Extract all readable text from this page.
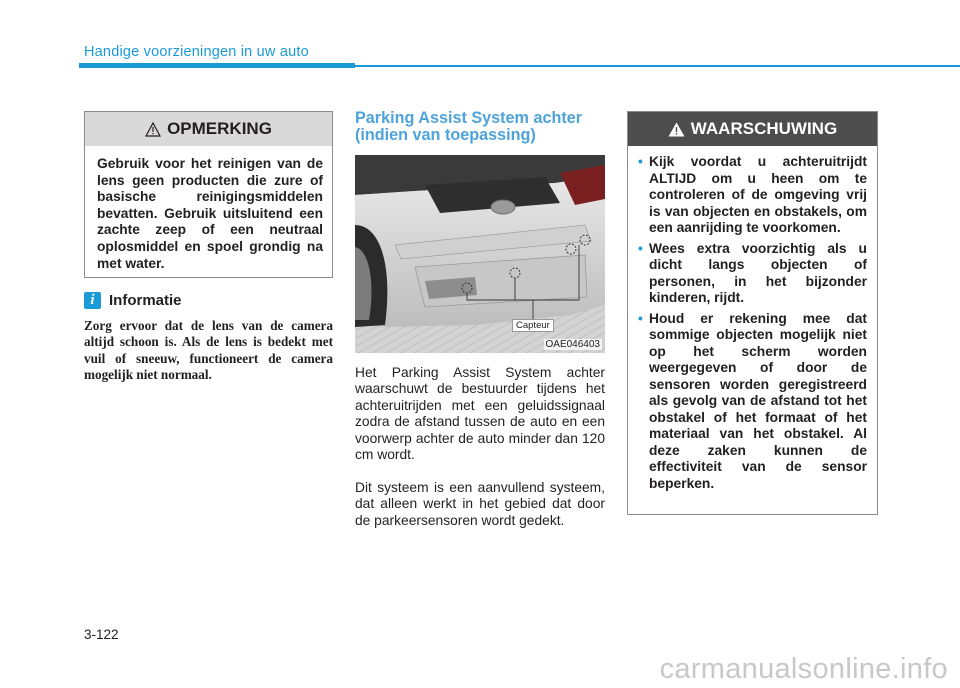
Handige voorzieningen in uw auto
OPMERKING
Gebruik voor het reinigen van de lens geen producten die zure of basische reinigingsmiddelen bevatten. Gebruik uitsluitend een zachte zeep of een neutraal oplosmiddel en spoel grondig na met water.
i Informatie
Zorg ervoor dat de lens van de camera altijd schoon is. Als de lens is bedekt met vuil of sneeuw, functioneert de camera mogelijk niet normaal.
Parking Assist System achter (indien van toepassing)
Capteur
OAE046403
Het Parking Assist System achter waarschuwt de bestuurder tijdens het achteruitrijden met een geluidssignaal zodra de afstand tussen de auto en een voorwerp achter de auto minder dan 120 cm wordt.
Dit systeem is een aanvullend systeem, dat alleen werkt in het gebied dat door de parkeersensoren wordt gedekt.
WAARSCHUWING
• Kijk voordat u achteruitrijdt ALTIJD om u heen om te controleren of de omgeving vrij is van objecten en obstakels, om een aanrijding te voorkomen.
• Wees extra voorzichtig als u dicht langs objecten of personen, in het bijzonder kinderen, rijdt.
• Houd er rekening mee dat sommige objecten mogelijk niet op het scherm worden weergegeven of door de sensoren worden geregistreerd als gevolg van de afstand tot het obstakel of het formaat of het materiaal van het obstakel. Al deze zaken kunnen de effectiviteit van de sensor beperken.
3-122
carmanualsonline.info
